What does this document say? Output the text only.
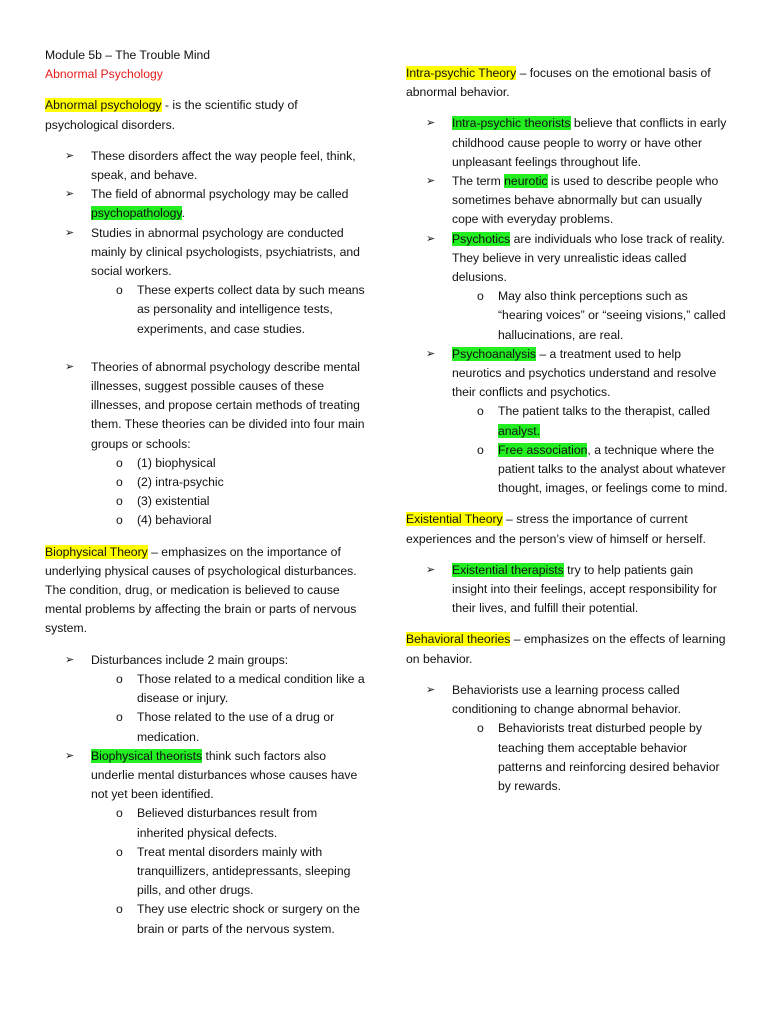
Module 5b – The Trouble Mind

Abnormal Psychology

Abnormal psychology - is the scientific study of psychological disorders.

➢ These disorders affect the way people feel, think, speak, and behave.
➢ The field of abnormal psychology may be called psychopathology.
➢ Studies in abnormal psychology are conducted mainly by clinical psychologists, psychiatrists, and social workers.
o These experts collect data by such means as personality and intelligence tests, experiments, and case studies.
➢ Theories of abnormal psychology describe mental illnesses, suggest possible causes of these illnesses, and propose certain methods of treating them. These theories can be divided into four main groups or schools:
o (1) biophysical
o (2) intra-psychic
o (3) existential
o (4) behavioral

Biophysical Theory – emphasizes on the importance of underlying physical causes of psychological disturbances. The condition, drug, or medication is believed to cause mental problems by affecting the brain or parts of nervous system.

➢ Disturbances include 2 main groups:
o Those related to a medical condition like a disease or injury.
o Those related to the use of a drug or medication.
➢ Biophysical theorists think such factors also underlie mental disturbances whose causes have not yet been identified.
o Believed disturbances result from inherited physical defects.
o Treat mental disorders mainly with tranquillizers, antidepressants, sleeping pills, and other drugs.
o They use electric shock or surgery on the brain or parts of the nervous system.

Intra-psychic Theory – focuses on the emotional basis of abnormal behavior.

➢ Intra-psychic theorists believe that conflicts in early childhood cause people to worry or have other unpleasant feelings throughout life.
➢ The term neurotic is used to describe people who sometimes behave abnormally but can usually cope with everyday problems.
➢ Psychotics are individuals who lose track of reality. They believe in very unrealistic ideas called delusions.
o May also think perceptions such as “hearing voices” or “seeing visions,” called hallucinations, are real.
➢ Psychoanalysis – a treatment used to help neurotics and psychotics understand and resolve their conflicts and psychotics.
o The patient talks to the therapist, called analyst.
o Free association, a technique where the patient talks to the analyst about whatever thought, images, or feelings come to mind.

Existential Theory – stress the importance of current experiences and the person’s view of himself or herself.

➢ Existential therapists try to help patients gain insight into their feelings, accept responsibility for their lives, and fulfill their potential.

Behavioral theories – emphasizes on the effects of learning on behavior.

➢ Behaviorists use a learning process called conditioning to change abnormal behavior.
o Behaviorists treat disturbed people by teaching them acceptable behavior patterns and reinforcing desired behavior by rewards.
